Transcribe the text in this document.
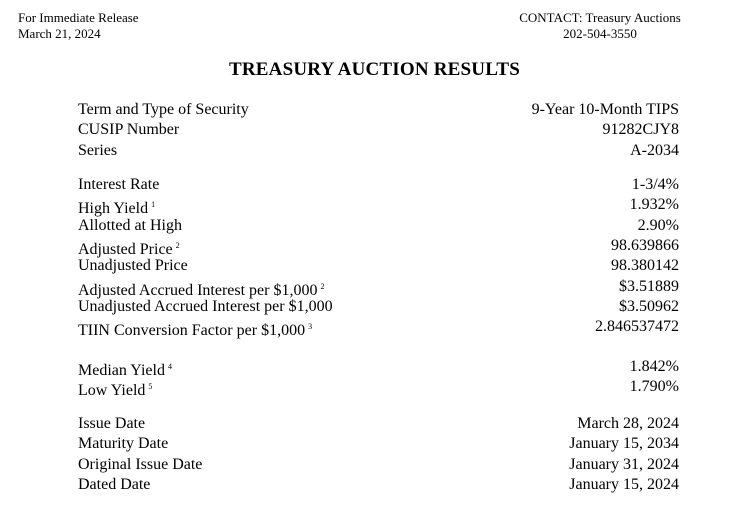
For Immediate Release
March 21, 2024
CONTACT: Treasury Auctions
202-504-3550
TREASURY AUCTION RESULTS
Term and Type of Security	9-Year 10-Month TIPS
CUSIP Number	91282CJY8
Series	A-2034
Interest Rate	1-3/4%
High Yield $^1$	1.932%
Allotted at High	2.90%
Adjusted Price $^2$	98.639866
Unadjusted Price	98.380142
Adjusted Accrued Interest per $1,000 $^2$	$3.51889
Unadjusted Accrued Interest per $1,000	$3.50962
TIIN Conversion Factor per $1,000 $^3$	2.846537472
Median Yield $^4$	1.842%
Low Yield $^5$	1.790%
Issue Date	March 28, 2024
Maturity Date	January 15, 2034
Original Issue Date	January 31, 2024
Dated Date	January 15, 2024
